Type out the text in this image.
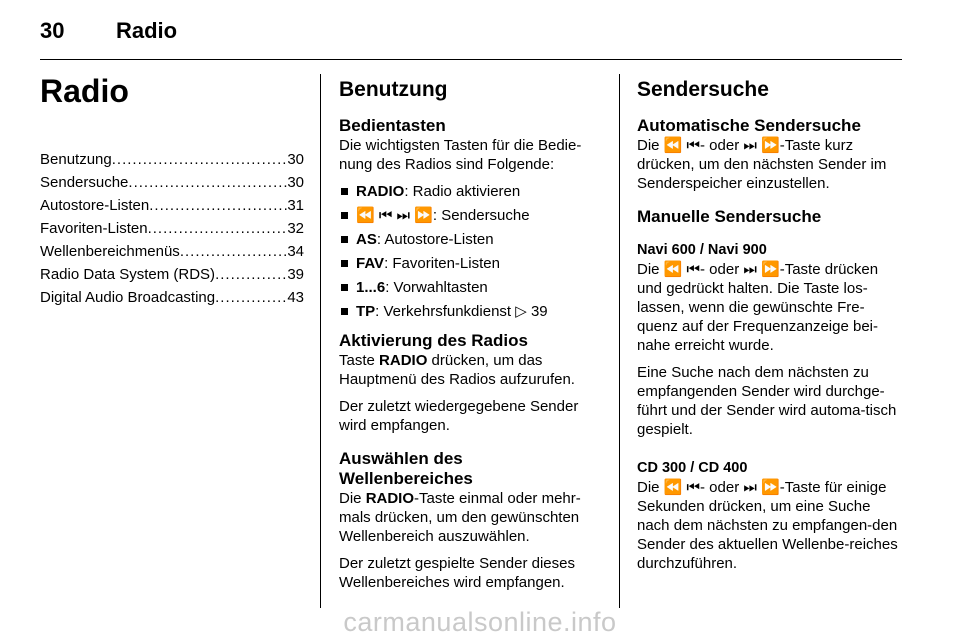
30 Radio
Radio
Benutzung .....	30
Sendersuche .....	30
Autostore-Listen .....	31
Favoriten-Listen .....	32
Wellenbereichmenüs .....	34
Radio Data System (RDS) .....	39
Digital Audio Broadcasting .....	43
Benutzung
Bedientasten

Die wichtigsten Tasten für die Bedie-nung des Radios sind Folgende:

RADIO: Radio aktivieren
⏪ ⏮ ⏭ ⏩: Sendersuche
AS: Autostore-Listen
FAV: Favoriten-Listen
1...6: Vorwahltasten
TP: Verkehrsfunkdienst ▷ 39
Aktivierung des Radios

Taste RADIO drücken, um das Hauptmenü des Radios aufzurufen.

Der zuletzt wiedergegebene Sender wird empfangen.

Auswählen des
Wellenbereiches

Die RADIO-Taste einmal oder mehr-mals drücken, um den gewünschten Wellenbereich auszuwählen.

Der zuletzt gespielte Sender dieses Wellenbereiches wird empfangen.

Sendersuche
Automatische Sendersuche

Die ⏪ ⏮- oder ⏭ ⏩-Taste kurz drücken, um den nächsten Sender im Senderspeicher einzustellen.

Manuelle Sendersuche
Navi 600 / Navi 900

Die ⏪ ⏮- oder ⏭ ⏩-Taste drücken und gedrückt halten. Die Taste los-lassen, wenn die gewünschte Fre-quenz auf der Frequenzanzeige bei-nahe erreicht wurde.

Eine Suche nach dem nächsten zu empfangenden Sender wird durchge-führt und der Sender wird automa-tisch gespielt.

CD 300 / CD 400

Die ⏪ ⏮- oder ⏭ ⏩-Taste für einige Sekunden drücken, um eine Suche nach dem nächsten zu empfangen-den Sender des aktuellen Wellenbe-reiches durchzuführen.

carmanualsonline.info
